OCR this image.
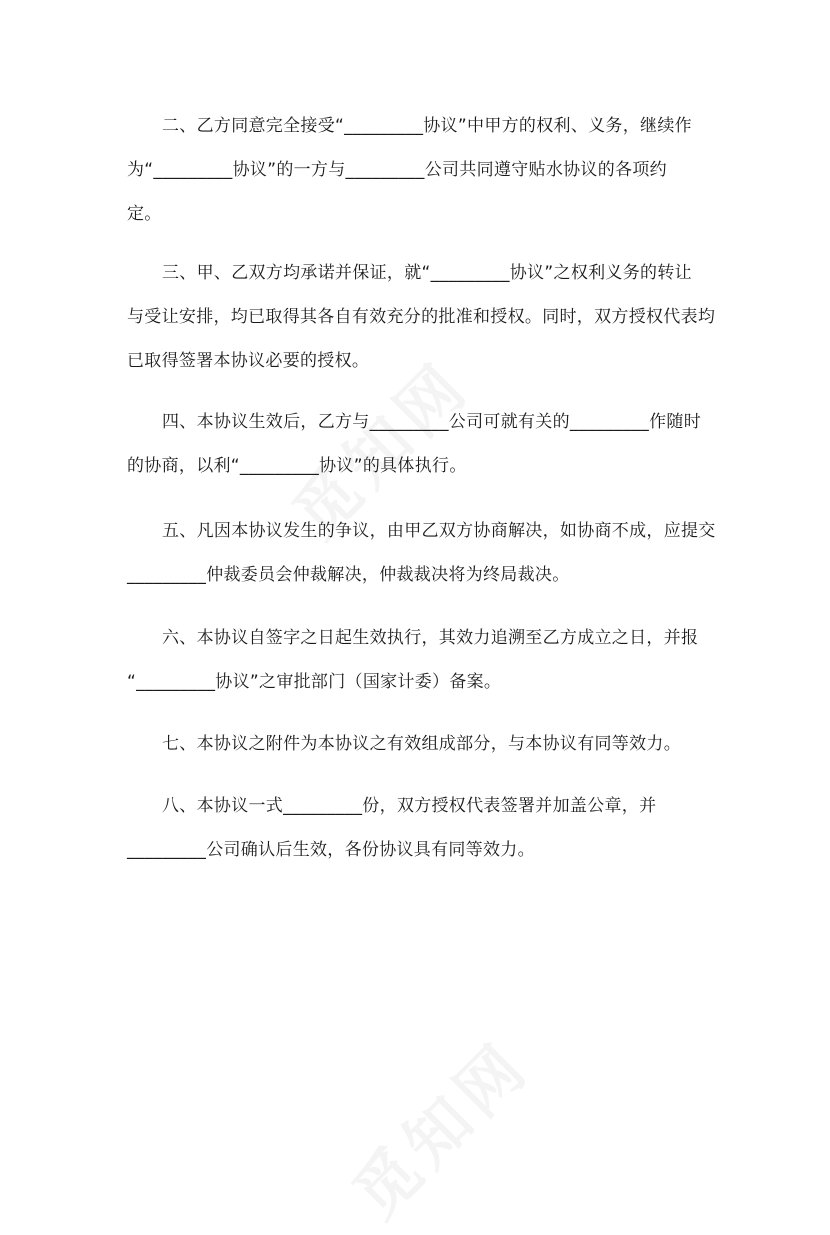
二、乙方同意完全接受“_________协议”中甲方的权利、义务，继续作
为“_________协议”的一方与_________公司共同遵守贴水协议的各项约
定。

三、甲、乙双方均承诺并保证，就“_________协议”之权利义务的转让
与受让安排，均已取得其各自有效充分的批准和授权。同时，双方授权代表均
已取得签署本协议必要的授权。

四、本协议生效后，乙方与_________公司可就有关的_________作随时
的协商，以利“_________协议”的具体执行。

五、凡因本协议发生的争议，由甲乙双方协商解决，如协商不成，应提交
_________仲裁委员会仲裁解决，仲裁裁决将为终局裁决。

六、本协议自签字之日起生效执行，其效力追溯至乙方成立之日，并报
“_________协议”之审批部门（国家计委）备案。

七、本协议之附件为本协议之有效组成部分，与本协议有同等效力。

八、本协议一式_________份，双方授权代表签署并加盖公章，并
_________公司确认后生效，各份协议具有同等效力。
